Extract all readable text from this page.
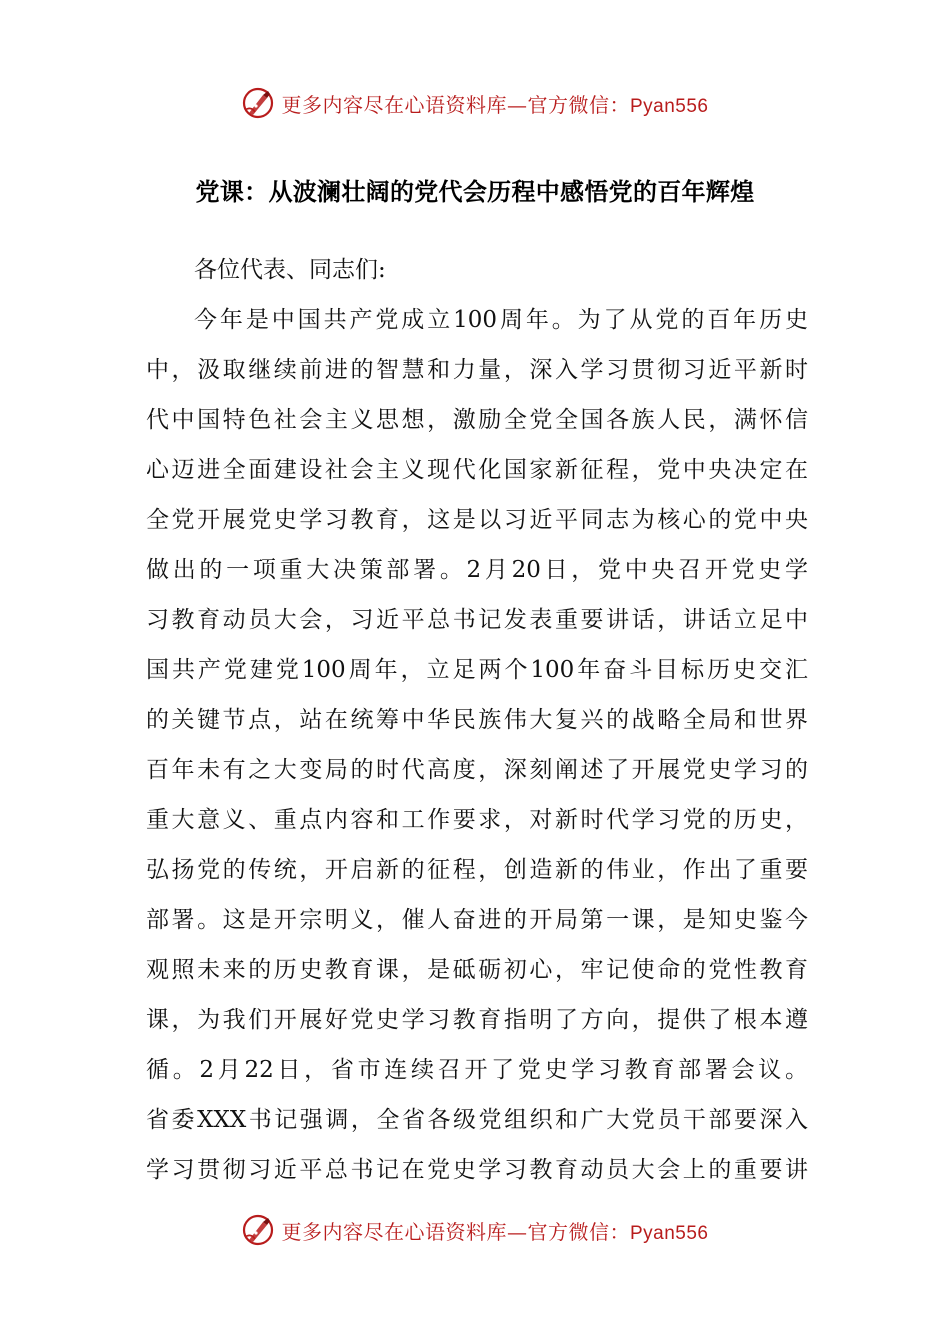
更多内容尽在心语资料库—官方微信：Pyan556
党课：从波澜壮阔的党代会历程中感悟党的百年辉煌
各位代表、同志们:
今年是中国共产党成立100周年。为了从党的百年历史
中，汲取继续前进的智慧和力量，深入学习贯彻习近平新时
代中国特色社会主义思想，激励全党全国各族人民，满怀信
心迈进全面建设社会主义现代化国家新征程，党中央决定在
全党开展党史学习教育，这是以习近平同志为核心的党中央
做出的一项重大决策部署。2月20日，党中央召开党史学
习教育动员大会，习近平总书记发表重要讲话，讲话立足中
国共产党建党100周年，立足两个100年奋斗目标历史交汇
的关键节点，站在统筹中华民族伟大复兴的战略全局和世界
百年未有之大变局的时代高度，深刻阐述了开展党史学习的
重大意义、重点内容和工作要求，对新时代学习党的历史，
弘扬党的传统，开启新的征程，创造新的伟业，作出了重要
部署。这是开宗明义，催人奋进的开局第一课，是知史鉴今
观照未来的历史教育课，是砥砺初心，牢记使命的党性教育
课，为我们开展好党史学习教育指明了方向，提供了根本遵
循。2月22日，省市连续召开了党史学习教育部署会议。
省委XXX书记强调，全省各级党组织和广大党员干部要深入
学习贯彻习近平总书记在党史学习教育动员大会上的重要讲
更多内容尽在心语资料库—官方微信：Pyan556
